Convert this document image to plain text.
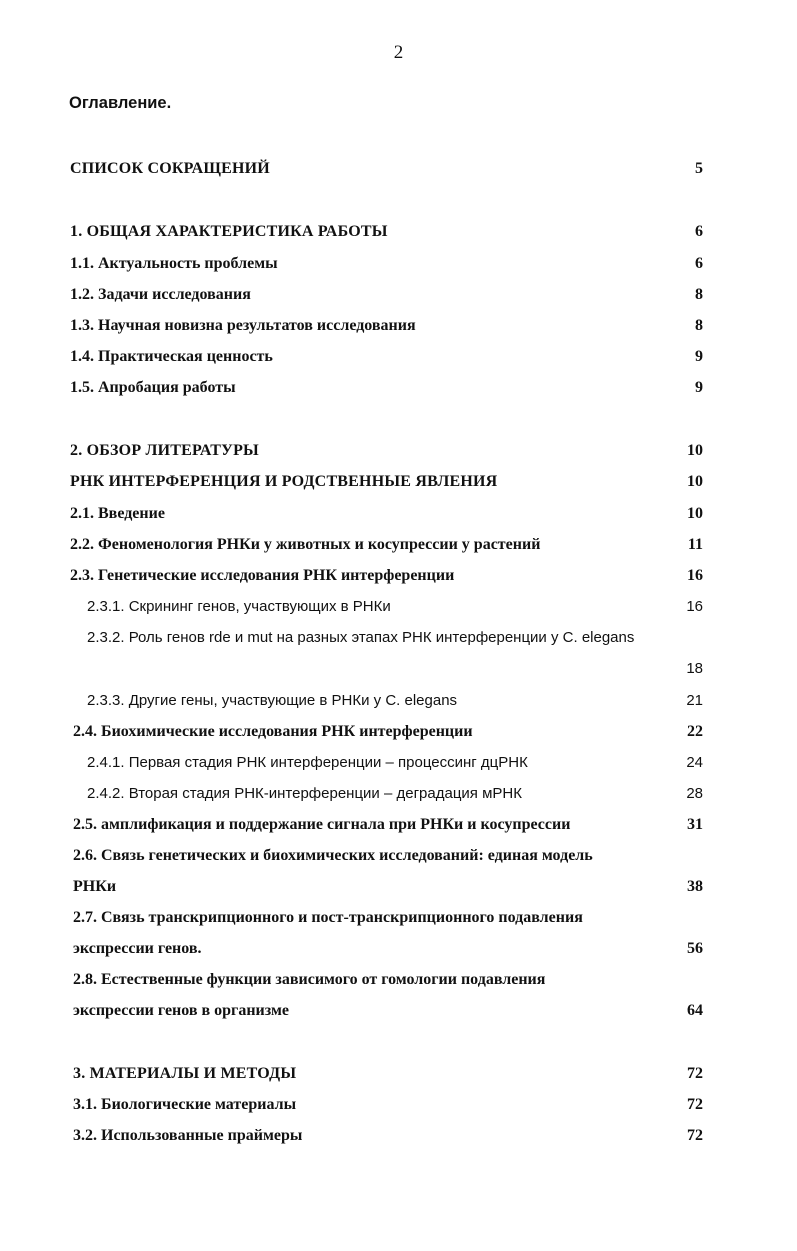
2
Оглавление.
СПИСОК СОКРАЩЕНИЙ	5
1. ОБЩАЯ ХАРАКТЕРИСТИКА РАБОТЫ	6
1.1. Актуальность проблемы	6
1.2. Задачи исследования	8
1.3. Научная новизна результатов исследования	8
1.4. Практическая ценность	9
1.5. Апробация работы	9
2. ОБЗОР ЛИТЕРАТУРЫ	10
РНК ИНТЕРФЕРЕНЦИЯ И РОДСТВЕННЫЕ ЯВЛЕНИЯ	10
2.1. Введение	10
2.2. Феноменология РНКи у животных и косупрессии у растений	11
2.3. Генетические исследования РНК интерференции	16
2.3.1. Скрининг генов, участвующих в РНКи	16
2.3.2. Роль генов rde и mut на разных этапах РНК интерференции у C. elegans
18
2.3.3. Другие гены, участвующие в РНКи у C. elegans	21
2.4. Биохимические исследования РНК интерференции	22
2.4.1. Первая стадия РНК интерференции – процессинг дцРНК	24
2.4.2. Вторая стадия РНК-интерференции – деградация мРНК	28
2.5. амплификация и поддержание сигнала при РНКи и косупрессии	31
2.6. Связь генетических и биохимических исследований: единая модель
РНКи	38
2.7. Связь транскрипционного и пост-транскрипционного подавления
экспрессии генов.	56
2.8. Естественные функции зависимого от гомологии подавления
экспрессии генов в организме	64
3. МАТЕРИАЛЫ И МЕТОДЫ	72
3.1. Биологические материалы	72
3.2. Использованные праймеры	72
